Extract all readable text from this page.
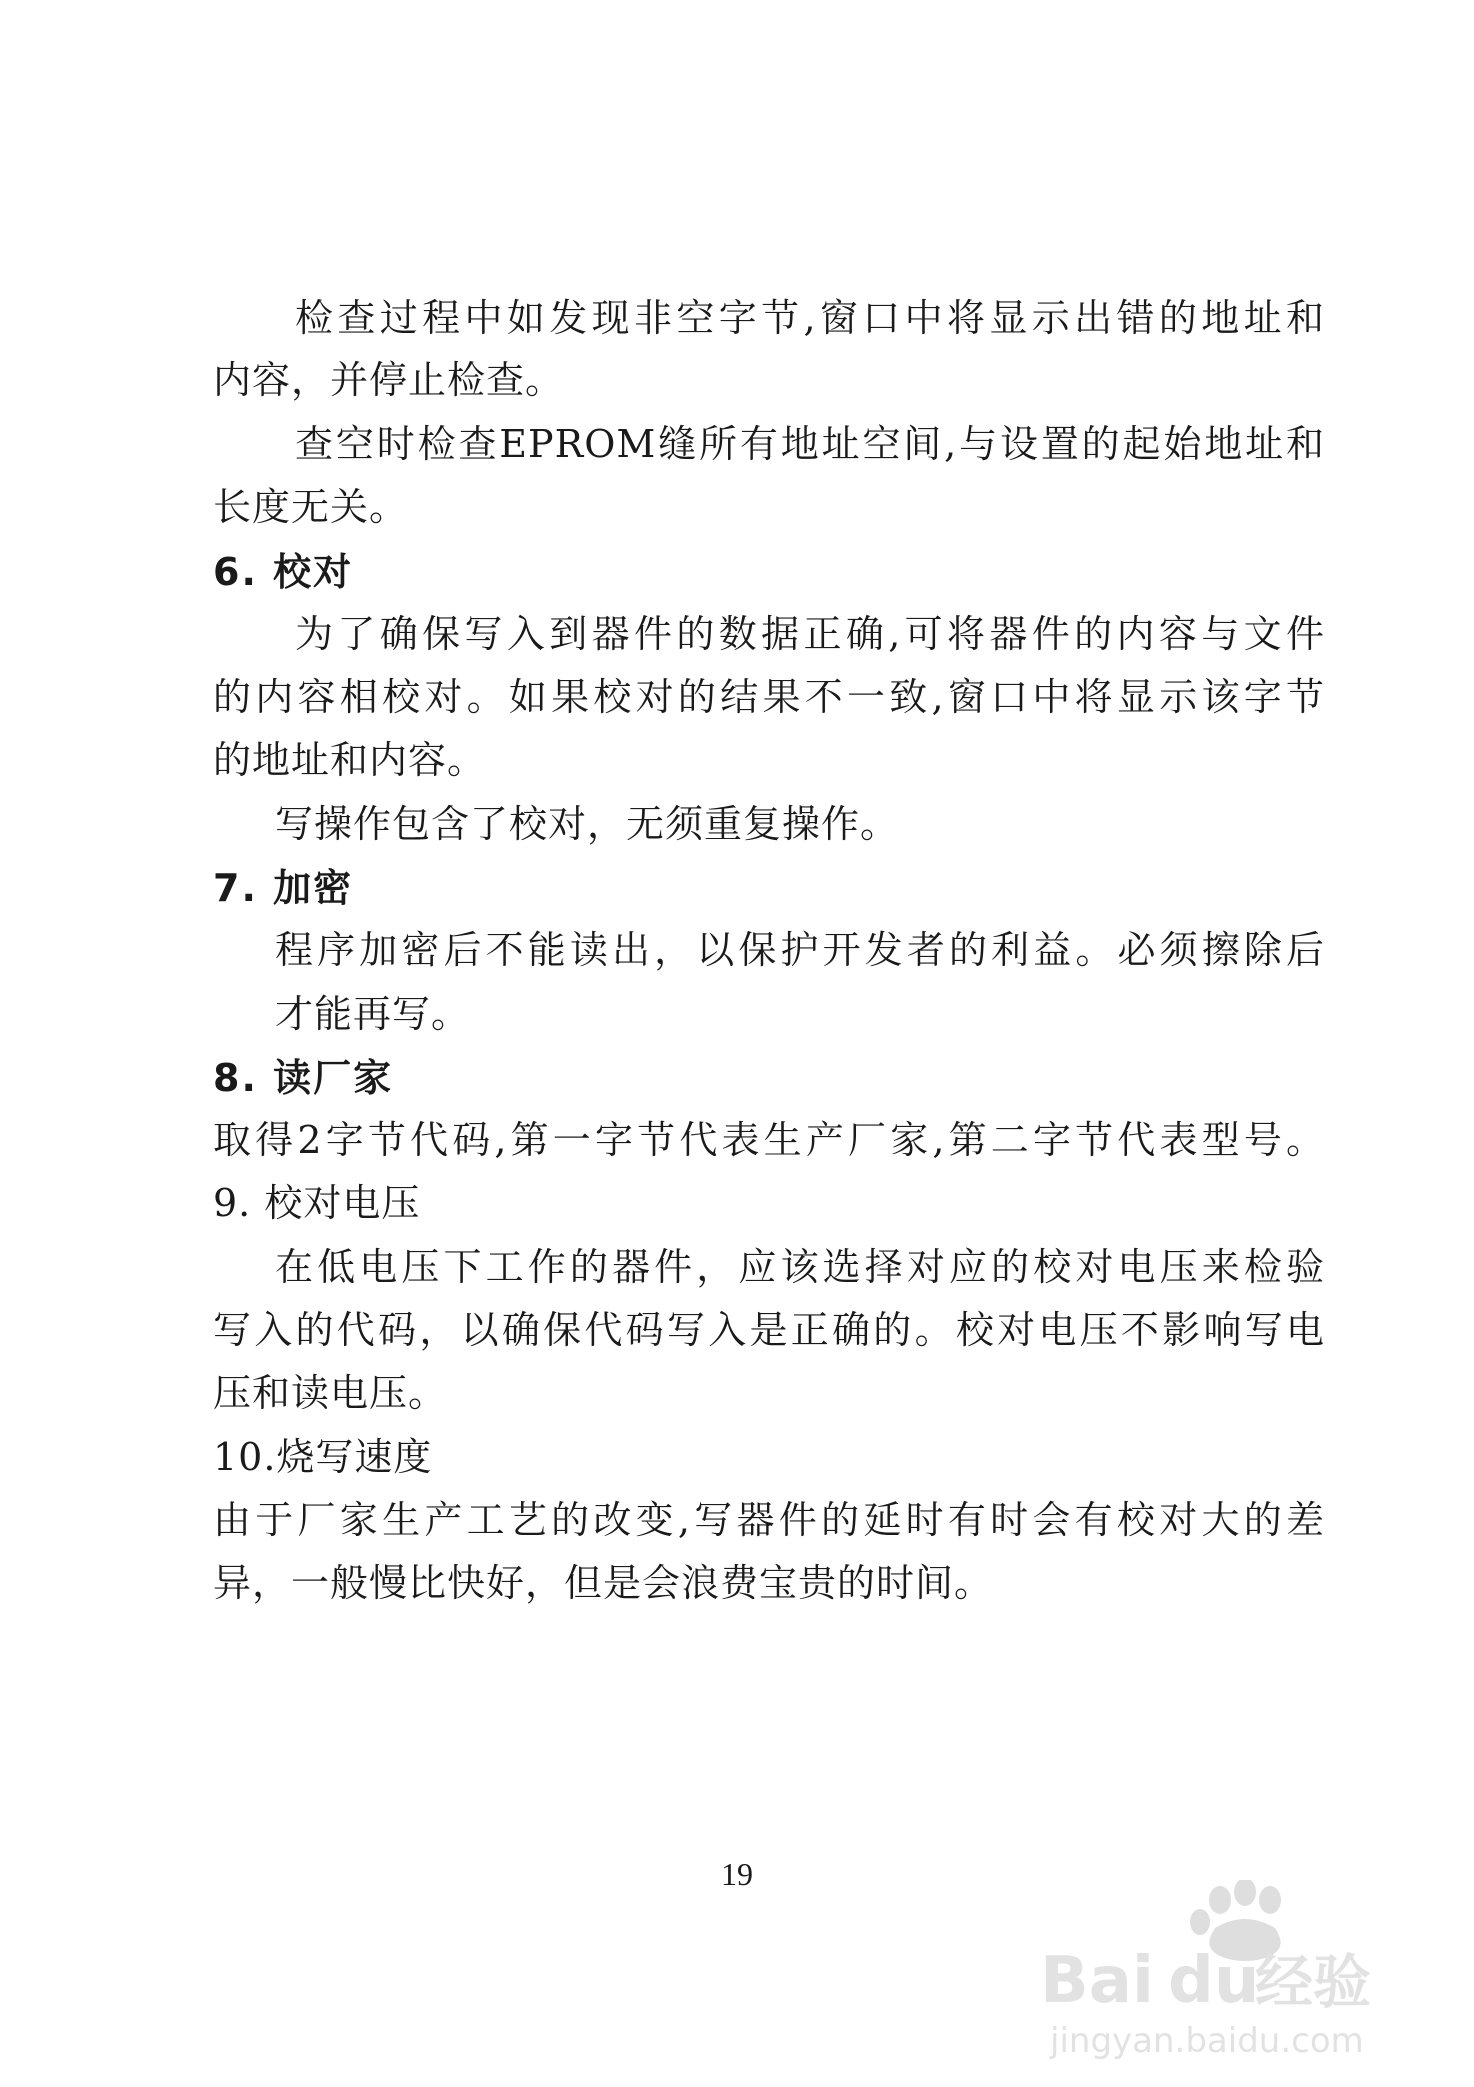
检查过程中如发现非空字节,窗口中将显示出错的地址和
内容，并停止检查。
查空时检查EPROM缝所有地址空间,与设置的起始地址和
长度无关。
6. 校对
为了确保写入到器件的数据正确,可将器件的内容与文件
的内容相校对。如果校对的结果不一致,窗口中将显示该字节
的地址和内容。
写操作包含了校对，无须重复操作。
7. 加密
程序加密后不能读出，以保护开发者的利益。必须擦除后
才能再写。
8. 读厂家
取得2字节代码,第一字节代表生产厂家,第二字节代表型号。
9. 校对电压
在低电压下工作的器件，应该选择对应的校对电压来检验
写入的代码，以确保代码写入是正确的。校对电压不影响写电
压和读电压。
10.烧写速度
由于厂家生产工艺的改变,写器件的延时有时会有校对大的差
异，一般慢比快好，但是会浪费宝贵的时间。
19
Bai du
经验
jingyan.baidu.com
